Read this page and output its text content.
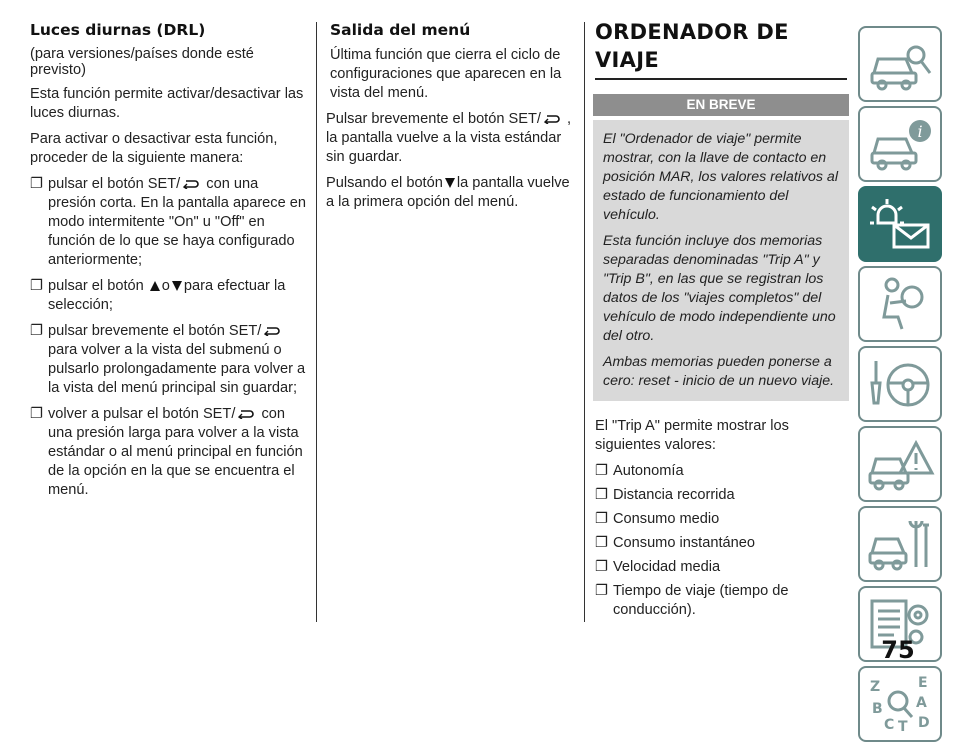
Luces diurnas (DRL)

(para versiones/países donde esté previsto)

Esta función permite activar/desactivar las luces diurnas.

Para activar o desactivar esta función, proceder de la siguiente manera:

❐ pulsar el botón SET/ con una presión corta. En la pantalla aparece en modo intermitente "On" u "Off" en función de lo que se haya configurado anteriormente;
❐ pulsar el botón o para efectuar la selección;
❐ pulsar brevemente el botón SET/ para volver a la vista del submenú o pulsarlo prolongadamente para volver a la vista del menú principal sin guardar;
❐ volver a pulsar el botón SET/ con una presión larga para volver a la vista estándar o al menú principal en función de la opción en la que se encuentra el menú.

Salida del menú

Última función que cierra el ciclo de configuraciones que aparecen en la vista del menú.

Pulsar brevemente el botón SET/ , la pantalla vuelve a la vista estándar sin guardar.

Pulsando el botón la pantalla vuelve a la primera opción del menú.

ORDENADOR DE

VIAJE

EN BREVE

El "Ordenador de viaje" permite mostrar, con la llave de contacto en posición MAR, los valores relativos al estado de funcionamiento del vehículo.

Esta función incluye dos memorias separadas denominadas "Trip A" y "Trip B", en las que se registran los datos de los "viajes completos" del vehículo de modo independiente uno del otro.

Ambas memorias pueden ponerse a cero: reset - inicio de un nuevo viaje.

El "Trip A" permite mostrar los siguientes valores:

❐ Autonomía
❐ Distancia recorrida
❐ Consumo medio
❐ Consumo instantáneo
❐ Velocidad media
❐ Tiempo de viaje (tiempo de conducción).
i
Z	E
A
B
C D
T
75
